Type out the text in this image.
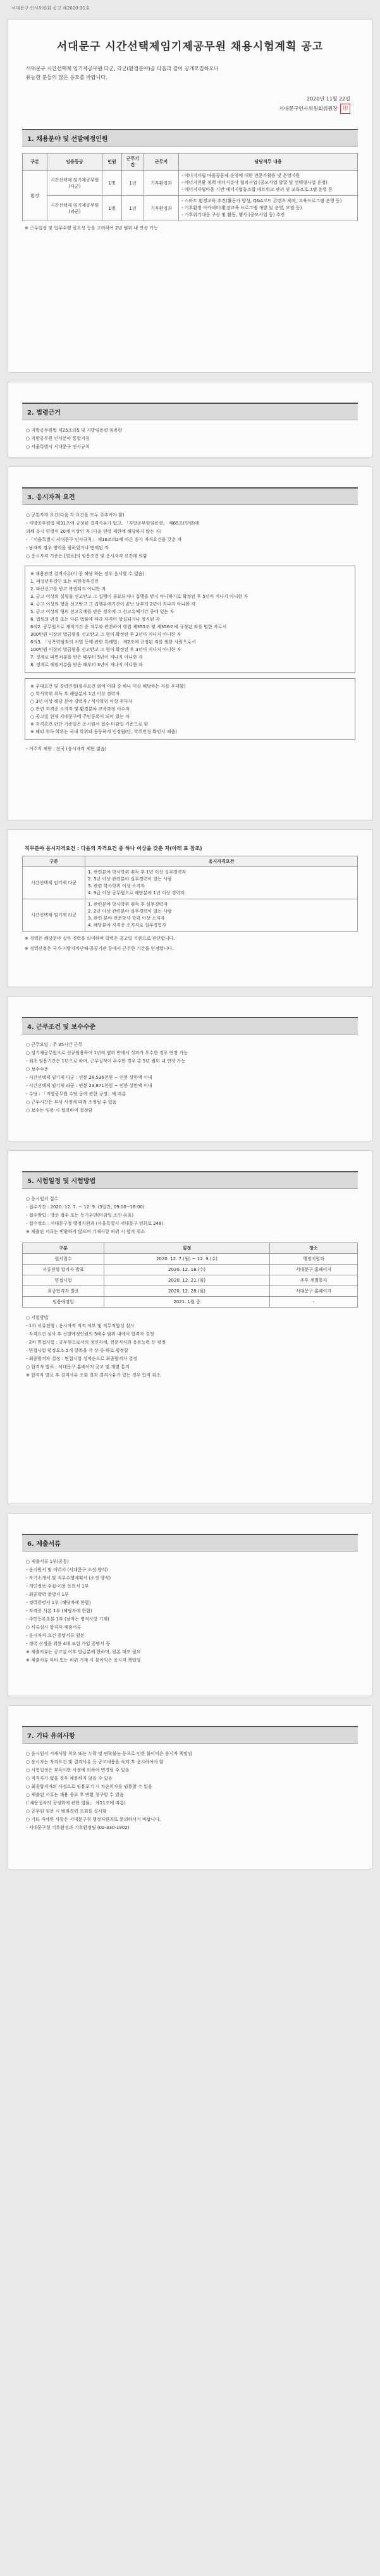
서대문구 인사위원회 공고 제2020-31호
서대문구 시간선택제임기제공무원 채용시험계획 공고
서대문구 시간선택제 임기제공무원 다군, 라군(환경분야)을 다음과 같이 공개모집하오니
유능한 분들의 많은 응모를 바랍니다.
2020년 11월 22일
서대문구인사위원회위원장 印
1. 채용분야 및 선발예정인원
구분	임용등급	인원	근무기간	근무지	담당직무 내용
환경	시간선택제 임기제공무원(다군)	1명	1년	기후환경과	- 에너지자립 마을공동체 운영에 대한 전문가활용 및 운영지원
- 에너지전환 정책 에너지분야 협치사업 (공모사업 발굴 및 선택형사업 운영)
- 에너지자립마을 기반 에너지협동조합 네트워크 관리 및 교육프로그램 운영 등

	시간선택제 임기제공무원(라군)	1명	1년	기후환경과	- 스마트 환경교육 추진(활동가 양성, Q&A코드 콘텐츠 제작, 교육프로그램 운영 등)
- 기후환경 아카데미(환경교육 프로그램 개발 및 운영, 모임 등)
- 기후위기대응 구상 및 활동, 행사 (공모사업 등) 추진
※ 근무일정 및 업무수행 필요성 등을 고려하여 2년 범위 내 연장 가능
2. 법령근거
○ 지방공무원법 제25조의5 및 지방임용령 임용령
○ 지방공무원 인사분야 통합지침
○ 서울특별시 서대문구 인사규칙
3. 응시자격 요건
○ 공통자격 요건(다음 각 요건을 모두 갖추어야 함)
- 지방공무원법 제31조에 규정된 결격사유가 없고, 「지방공무원임용령」 제65조(연령)에
의해 응시 연령이 20세 이상인 자 (다음 연령 제한에 해당하지 않는 자)
- 「서울특별시 서대문구 인사규칙」 제16조의2에 따른 응시 자격요건을 갖춘 자
- 남자의 경우 병역을 필하였거나 면제된 자
○ 응시자격 기준은 [별표]의 임용조건 및 응시자격 요건에 의함
※ 채용관련 결격사유(이 중 해당 하는 경우 응시할 수 없음)
1. 피성년후견인 또는 피한정후견인
2. 파산선고를 받고 복권되지 아니한 자
3. 금고 이상의 실형을 선고받고 그 집행이 종료되거나 집행을 받지 아니하기로 확정된 후 5년이 지나지 아니한 자
4. 금고 이상의 형을 선고받고 그 집행유예기간이 끝난 날부터 2년이 지나지 아니한 자
5. 금고 이상의 형의 선고유예를 받은 경우에 그 선고유예기간 중에 있는 자
6. 법원의 판결 또는 다른 법률에 따라 자격이 상실되거나 정지된 자
6의2. 공무원으로 재직기간 중 직무와 관련하여 형법 제355조 및 제356조에 규정된 죄를 범한 자로서
300만원 이상의 벌금형을 선고받고 그 형이 확정된 후 2년이 지나지 아니한 자
6의3. 「성폭력범죄의 처벌 등에 관한 특례법」 제2조에 규정된 죄를 범한 사람으로서
100만원 이상의 벌금형을 선고받고 그 형이 확정된 후 3년이 지나지 아니한 자
7. 징계로 파면처분을 받은 때부터 5년이 지나지 아니한 자
8. 징계로 해임처분을 받은 때부터 3년이 지나지 아니한 자
※ 우대요건 및 경력인정(필수요건 외에 아래 중 하나 이상 해당하는 자를 우대함)
○ 학사학위 취득 후 해당분야 1년 이상 경력자
○ 3년 이상 해당 분야 경력자 / 석사학위 이상 취득자
○ 관련 자격증 소지자 및 환경분야 교육과정 이수자
○ 공고일 현재 서대문구에 주민등록이 되어 있는 자
※ 자격요건 판단 기준일은 응시원서 접수 마감일 기준으로 함
※ 해외 취득 학위는 국내 학위와 동등하게 인정됨(단, 학위인정 확인서 제출)
- 거주지 제한 : 전국 (응시자격 제한 없음)
직무분야 응시자격요건 : 다음의 자격요건 중 하나 이상을 갖춘 자(아래 표 참조)
구분	응시자격요건
시간선택제 임기제 다군	1. 관련분야 학사학위 취득 후 1년 이상 실무경력자
2. 3년 이상 관련분야 실무경력이 있는 사람
3. 관련 학사학위 이상 소지자
4. 9급 이상 공무원으로 해당분야 1년 이상 경력자

시간선택제 임기제 라군	1. 관련분야 학사학위 취득 후 실무경력자
2. 2년 이상 관련분야 실무경력이 있는 사람
3. 관련 분야 전문학사 학위 이상 소지자
4. 해당분야 자격증 소지자로 실무경험자
※ 경력은 해당분야 실무 경력을 의미하며 학력은 공고일 기준으로 판단합니다.
※ 경력산정은 국가·지방자치단체·공공기관 등에서 근무한 기간을 인정합니다.
4. 근무조건 및 보수수준
○ 근무요일 : 주 35시간 근무
○ 임기제공무원으로 신규임용하여 1년의 범위 안에서 성과가 우수한 경우 연장 가능
- 최초 임용기간은 1년으로 하며, 근무실적이 우수한 경우 총 5년 범위 내 연장 가능
○ 보수수준
- 시간선택제 임기제 다군 : 연봉 28,536천원 ~ 연봉 상한액 이내
- 시간선택제 임기제 라군 : 연봉 23,871천원 ~ 연봉 상한액 이내
- 수당 : 「지방공무원 수당 등에 관한 규정」에 따름
○ 근무시간은 부서 사정에 따라 조정될 수 있음
○ 보수는 임용 시 협의하여 결정함
5. 시험일정 및 시험방법
○ 응시원서 접수
- 접수기간 : 2020. 12. 7. ~ 12. 9. (3일간, 09:00~18:00)
- 접수방법 : 방문 접수 또는 등기우편(마감일 소인 유효)
- 접수장소 : 서대문구청 행정지원과 (서울특별시 서대문구 연희로 248)
※ 제출된 서류는 반환하지 않으며 기재사항 허위 시 합격 취소
구분	일정	장소
원서접수	2020. 12. 7.(월) ~ 12. 9.(수)	행정지원과
서류전형 합격자 발표	2020. 12. 16.(수)	서대문구 홈페이지
면접시험	2020. 12. 21.(월)	추후 개별통지
최종합격자 발표	2020. 12. 28.(월)	서대문구 홈페이지
임용예정일	2021. 1월 중	-
○ 시험방법
- 1차 서류전형 : 응시자격 적격 여부 및 직무적합성 심사
· 자격요건 심사 후 선발예정인원의 5배수 범위 내에서 합격자 결정
- 2차 면접시험 : 공무원으로서의 정신자세, 전문지식과 응용능력 등 평정
· 면접시험 평정요소 5개 항목을 각 상·중·하로 평정함
- 최종합격자 결정 : 면접시험 성적순으로 최종합격자 결정
○ 합격자 발표 : 서대문구 홈페이지 공고 및 개별 통지
※ 합격자 발표 후 결격사유 조회 결과 결격사유가 있는 경우 합격 취소
6. 제출서류
○ 제출서류 1부(공통)
- 응시원서 및 이력서 (서대문구 소정 양식)
- 자기소개서 및 직무수행계획서 (소정 양식)
- 개인정보 수집·이용 동의서 1부
- 최종학력 증명서 1부
- 경력증명서 1부 (해당자에 한함)
- 자격증 사본 1부 (해당자에 한함)
- 주민등록초본 1부 (남자는 병적사항 기재)
○ 서류심사 합격자 제출서류
- 응시자격 요건 증빙서류 원본
- 경력 산정을 위한 4대 보험 가입 증명서 등
※ 제출서류는 공고일 이후 발급분에 한하며, 원본 대조 필요
※ 제출서류 미비 또는 허위 기재 시 불이익은 응시자 책임임
7. 기타 유의사항
○ 응시원서 기재사항 착오 또는 누락 및 연락불능 등으로 인한 불이익은 응시자 책임임
○ 응시자는 자격요건 및 결격사유 등 공고내용을 숙지 후 응시하여야 함
○ 시험일정은 부득이한 사정에 의하여 변경될 수 있음
○ 적격자가 없을 경우 채용하지 않을 수 있음
○ 최종합격자의 사정으로 임용포기 시 차순위자를 임용할 수 있음
○ 제출된 서류는 채용 종료 후 반환 청구할 수 있음
(「채용절차의 공정화에 관한 법률」 제11조에 따름)
○ 공무원 임용 시 범죄경력 조회를 실시함
○ 기타 자세한 사항은 서대문구청 행정지원과로 문의하시기 바랍니다.
- 서대문구청 기후환경과 기후환경팀 (02-330-1902)
